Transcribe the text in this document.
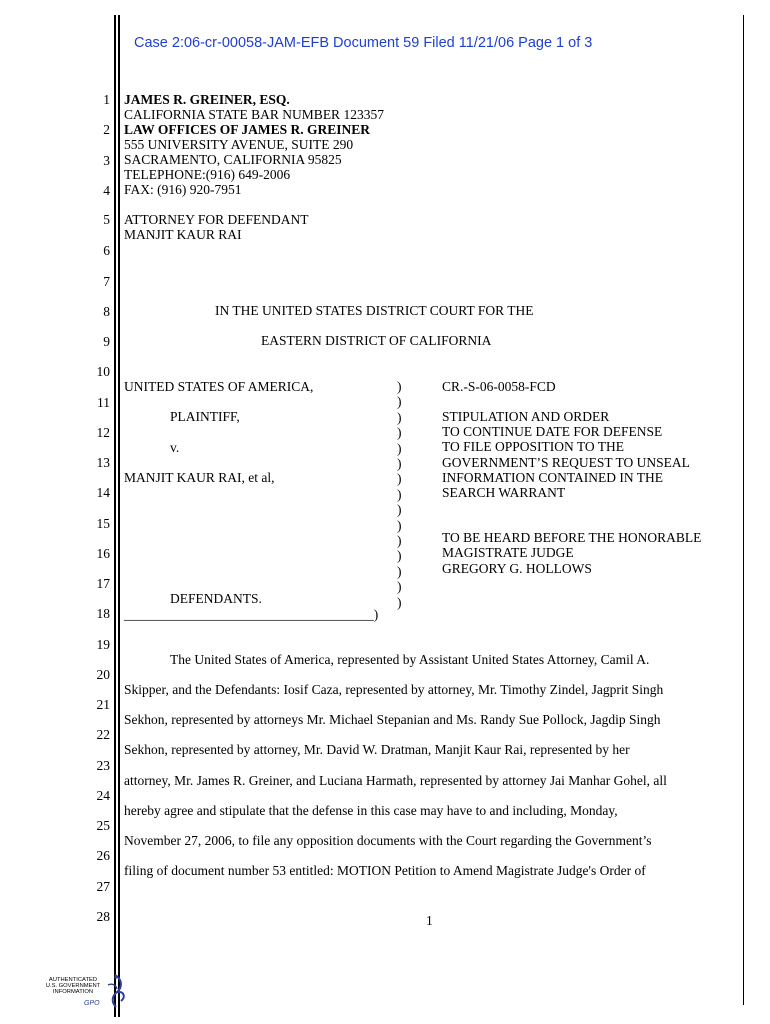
Case 2:06-cr-00058-JAM-EFB Document 59 Filed 11/21/06 Page 1 of 3
1
2
3
4
5
6
7
8
9
10
11
12
13
14
15
16
17
18
19
20
21
22
23
24
25
26
27
28
JAMES R. GREINER, ESQ.
CALIFORNIA STATE BAR NUMBER 123357
LAW OFFICES OF JAMES R. GREINER
555 UNIVERSITY AVENUE, SUITE 290
SACRAMENTO, CALIFORNIA 95825
TELEPHONE:(916) 649-2006
FAX: (916) 920-7951
ATTORNEY FOR DEFENDANT
MANJIT KAUR RAI
IN THE UNITED STATES DISTRICT COURT FOR THE
EASTERN DISTRICT OF CALIFORNIA
UNITED STATES OF AMERICA,
PLAINTIFF,
v.
MANJIT KAUR RAI, et al,
DEFENDANTS.
_____________________________________)
)
)
)
)
)
)
)
)
)
)
)
)
)
)
)
CR.-S-06-0058-FCD
STIPULATION AND ORDER
TO CONTINUE DATE FOR DEFENSE
TO FILE OPPOSITION TO THE
GOVERNMENT’S REQUEST TO UNSEAL
INFORMATION CONTAINED IN THE
SEARCH WARRANT
TO BE HEARD BEFORE THE HONORABLE
MAGISTRATE JUDGE
GREGORY G. HOLLOWS
The United States of America, represented by Assistant United States Attorney, Camil A.
Skipper, and the Defendants: Iosif Caza, represented by attorney, Mr. Timothy Zindel, Jagprit Singh
Sekhon, represented by attorneys Mr. Michael Stepanian and Ms. Randy Sue Pollock, Jagdip Singh
Sekhon, represented by attorney, Mr. David W. Dratman, Manjit Kaur Rai, represented by her
attorney, Mr. James R. Greiner, and Luciana Harmath, represented by attorney Jai Manhar Gohel, all
hereby agree and stipulate that the defense in this case may have to and including, Monday,
November 27, 2006, to file any opposition documents with the Court regarding the Government’s
filing of document number 53 entitled: MOTION Petition to Amend Magistrate Judge's Order of
1
AUTHENTICATED
U.S. GOVERNMENT
INFORMATION
GPO
